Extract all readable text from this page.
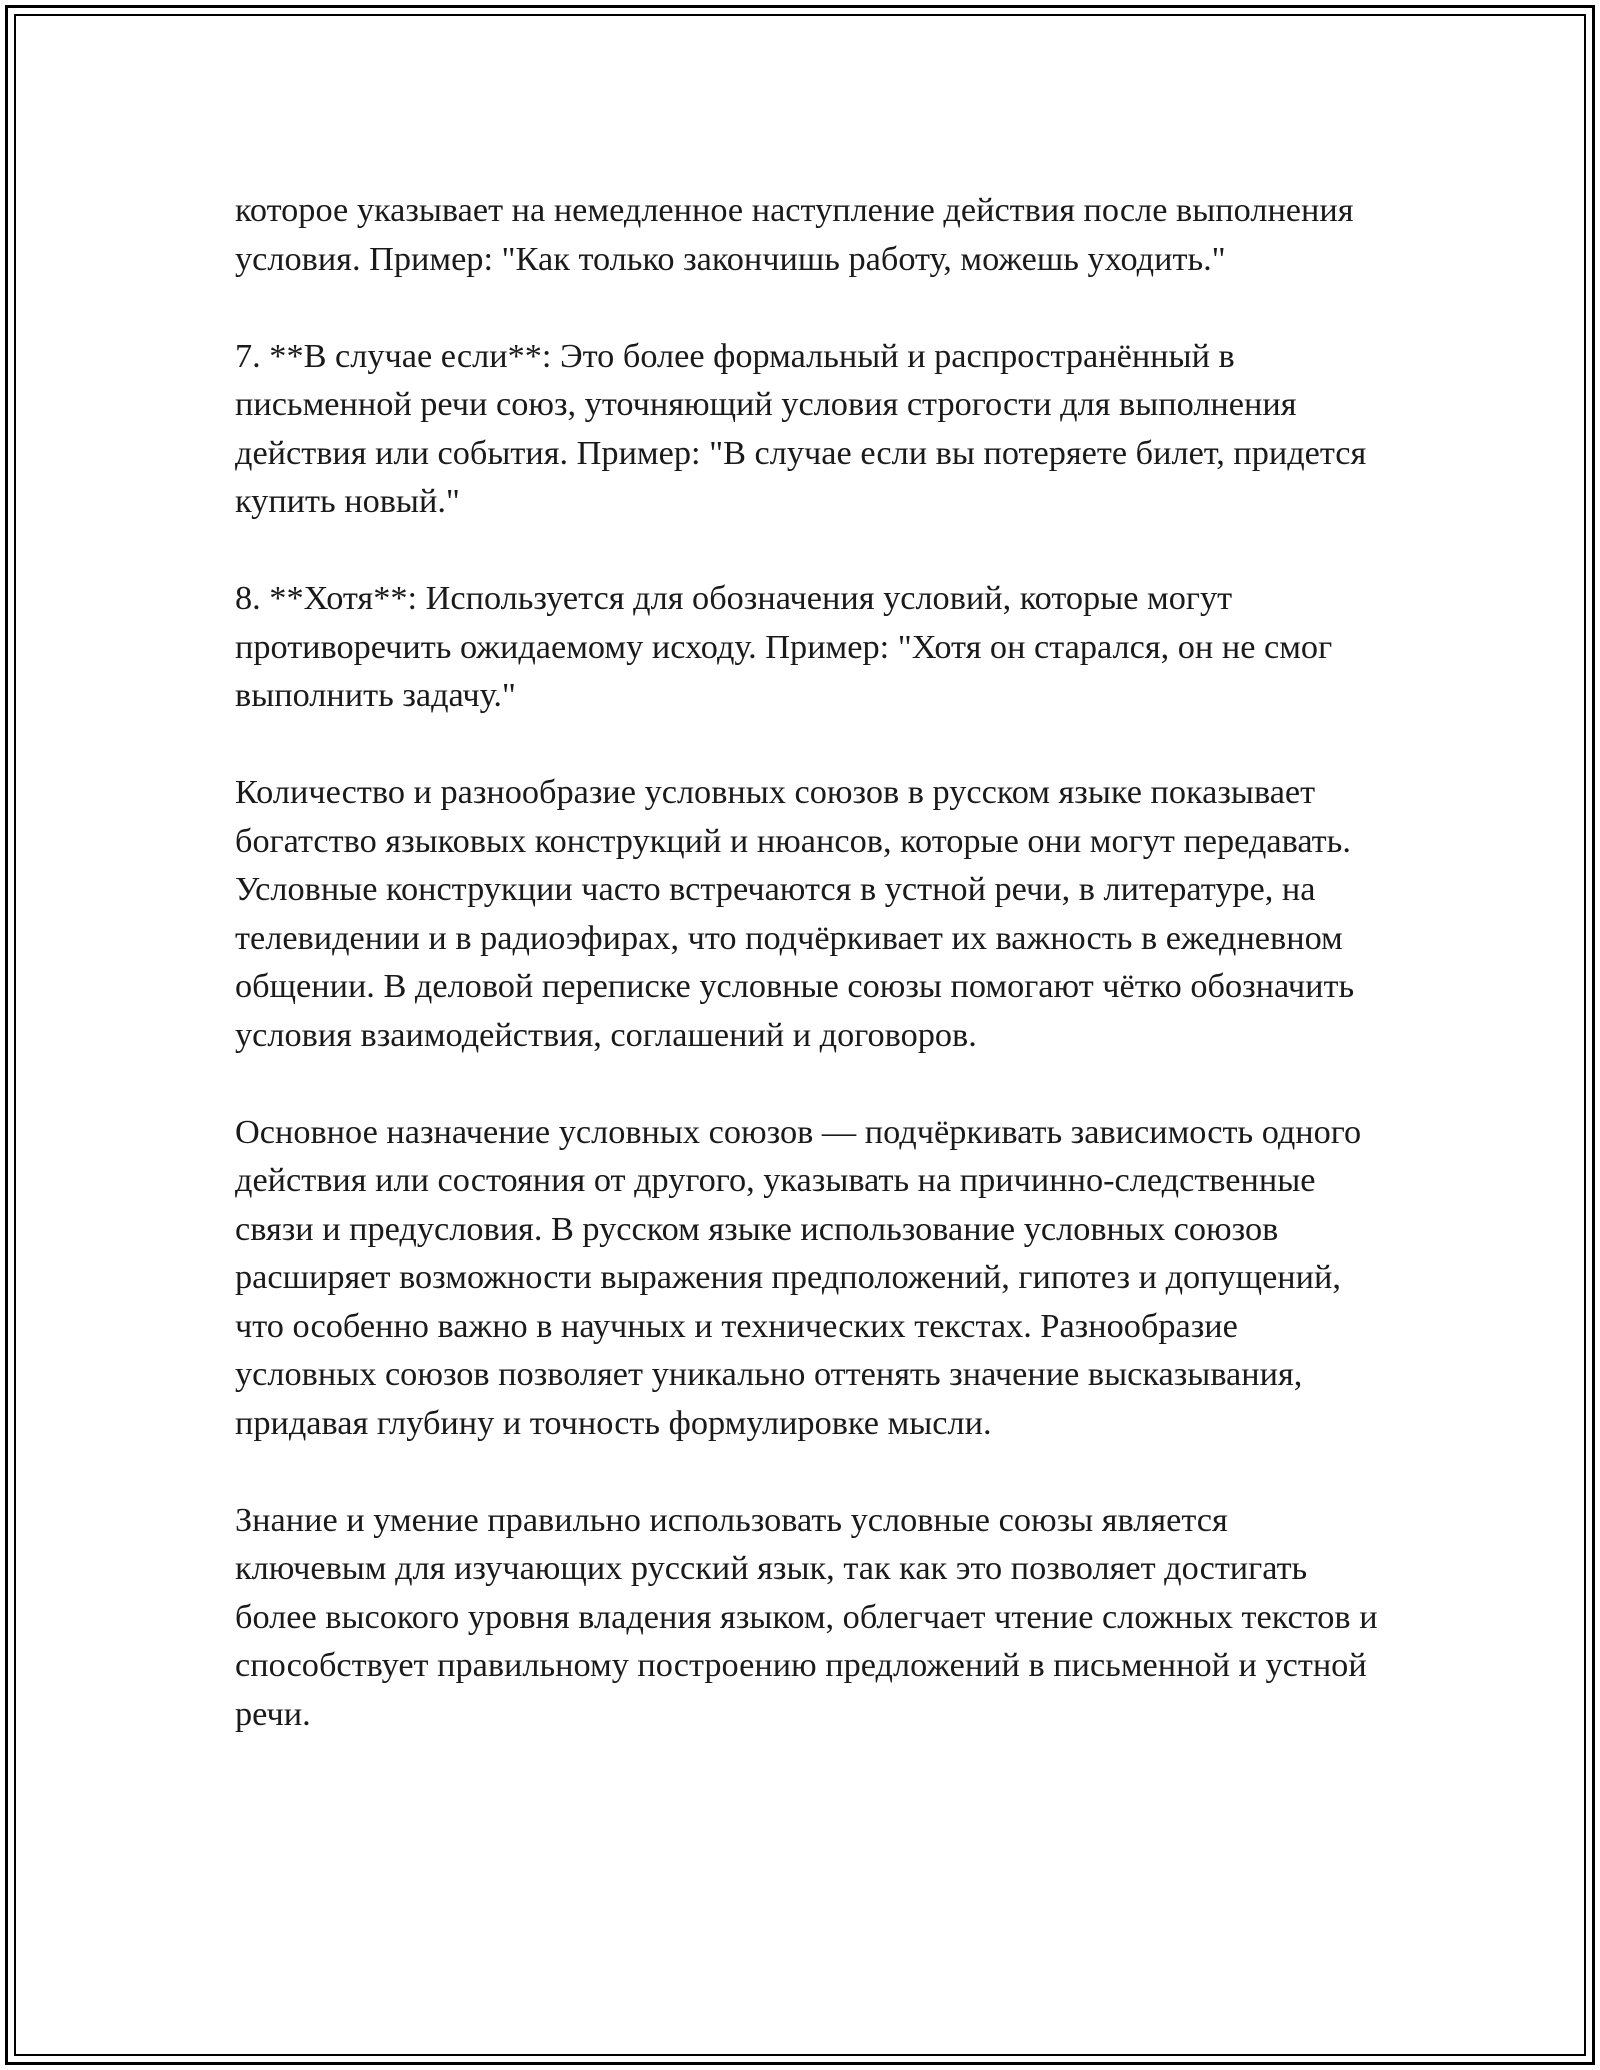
которое указывает на немедленное наступление действия после выполнения условия. Пример: "Как только закончишь работу, можешь уходить."

7. **В случае если**: Это более формальный и распространённый в письменной речи союз, уточняющий условия строгости для выполнения действия или события. Пример: "В случае если вы потеряете билет, придется купить новый."

8. **Хотя**: Используется для обозначения условий, которые могут противоречить ожидаемому исходу. Пример: "Хотя он старался, он не смог выполнить задачу."

Количество и разнообразие условных союзов в русском языке показывает богатство языковых конструкций и нюансов, которые они могут передавать. Условные конструкции часто встречаются в устной речи, в литературе, на телевидении и в радиоэфирах, что подчёркивает их важность в ежедневном общении. В деловой переписке условные союзы помогают чётко обозначить условия взаимодействия, соглашений и договоров.

Основное назначение условных союзов — подчёркивать зависимость одного действия или состояния от другого, указывать на причинно-следственные связи и предусловия. В русском языке использование условных союзов расширяет возможности выражения предположений, гипотез и допущений, что особенно важно в научных и технических текстах. Разнообразие условных союзов позволяет уникально оттенять значение высказывания, придавая глубину и точность формулировке мысли.

Знание и умение правильно использовать условные союзы является ключевым для изучающих русский язык, так как это позволяет достигать более высокого уровня владения языком, облегчает чтение сложных текстов и способствует правильному построению предложений в письменной и устной речи.
